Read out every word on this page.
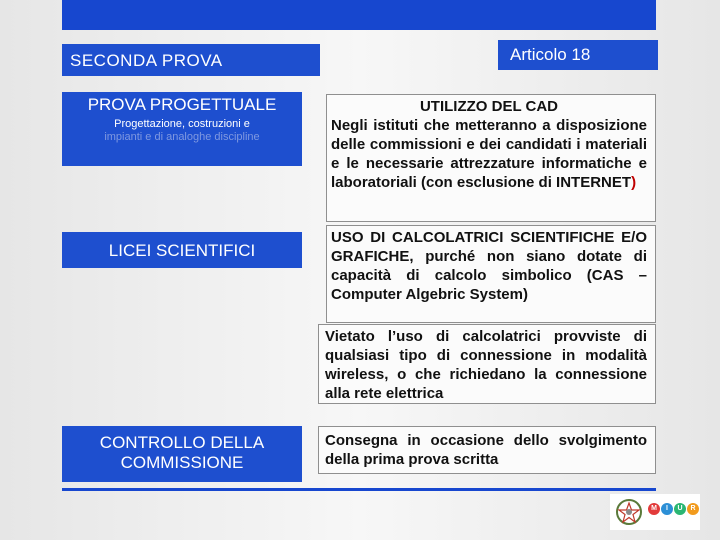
SECONDA PROVA	Articolo 18
PROVA PROGETTUALE
Progettazione, costruzioni e
impianti e di analoghe discipline
LICEI SCIENTIFICI
CONTROLLO DELLA COMMISSIONE

UTILIZZO DEL CAD

Negli istituti che metteranno a disposizione delle commissioni e dei candidati i materiali e le necessarie attrezzature informatiche e laboratoriali (con esclusione di INTERNET)

USO DI CALCOLATRICI SCIENTIFICHE E/O GRAFICHE, purché non siano dotate di capacità di calcolo simbolico (CAS – Computer Algebric System)

Vietato l’uso di calcolatrici provviste di qualsiasi tipo di connessione in modalità wireless, o che richiedano la connessione alla rete elettrica

Consegna in occasione dello svolgimento della prima prova scritta

M	I	U	R
